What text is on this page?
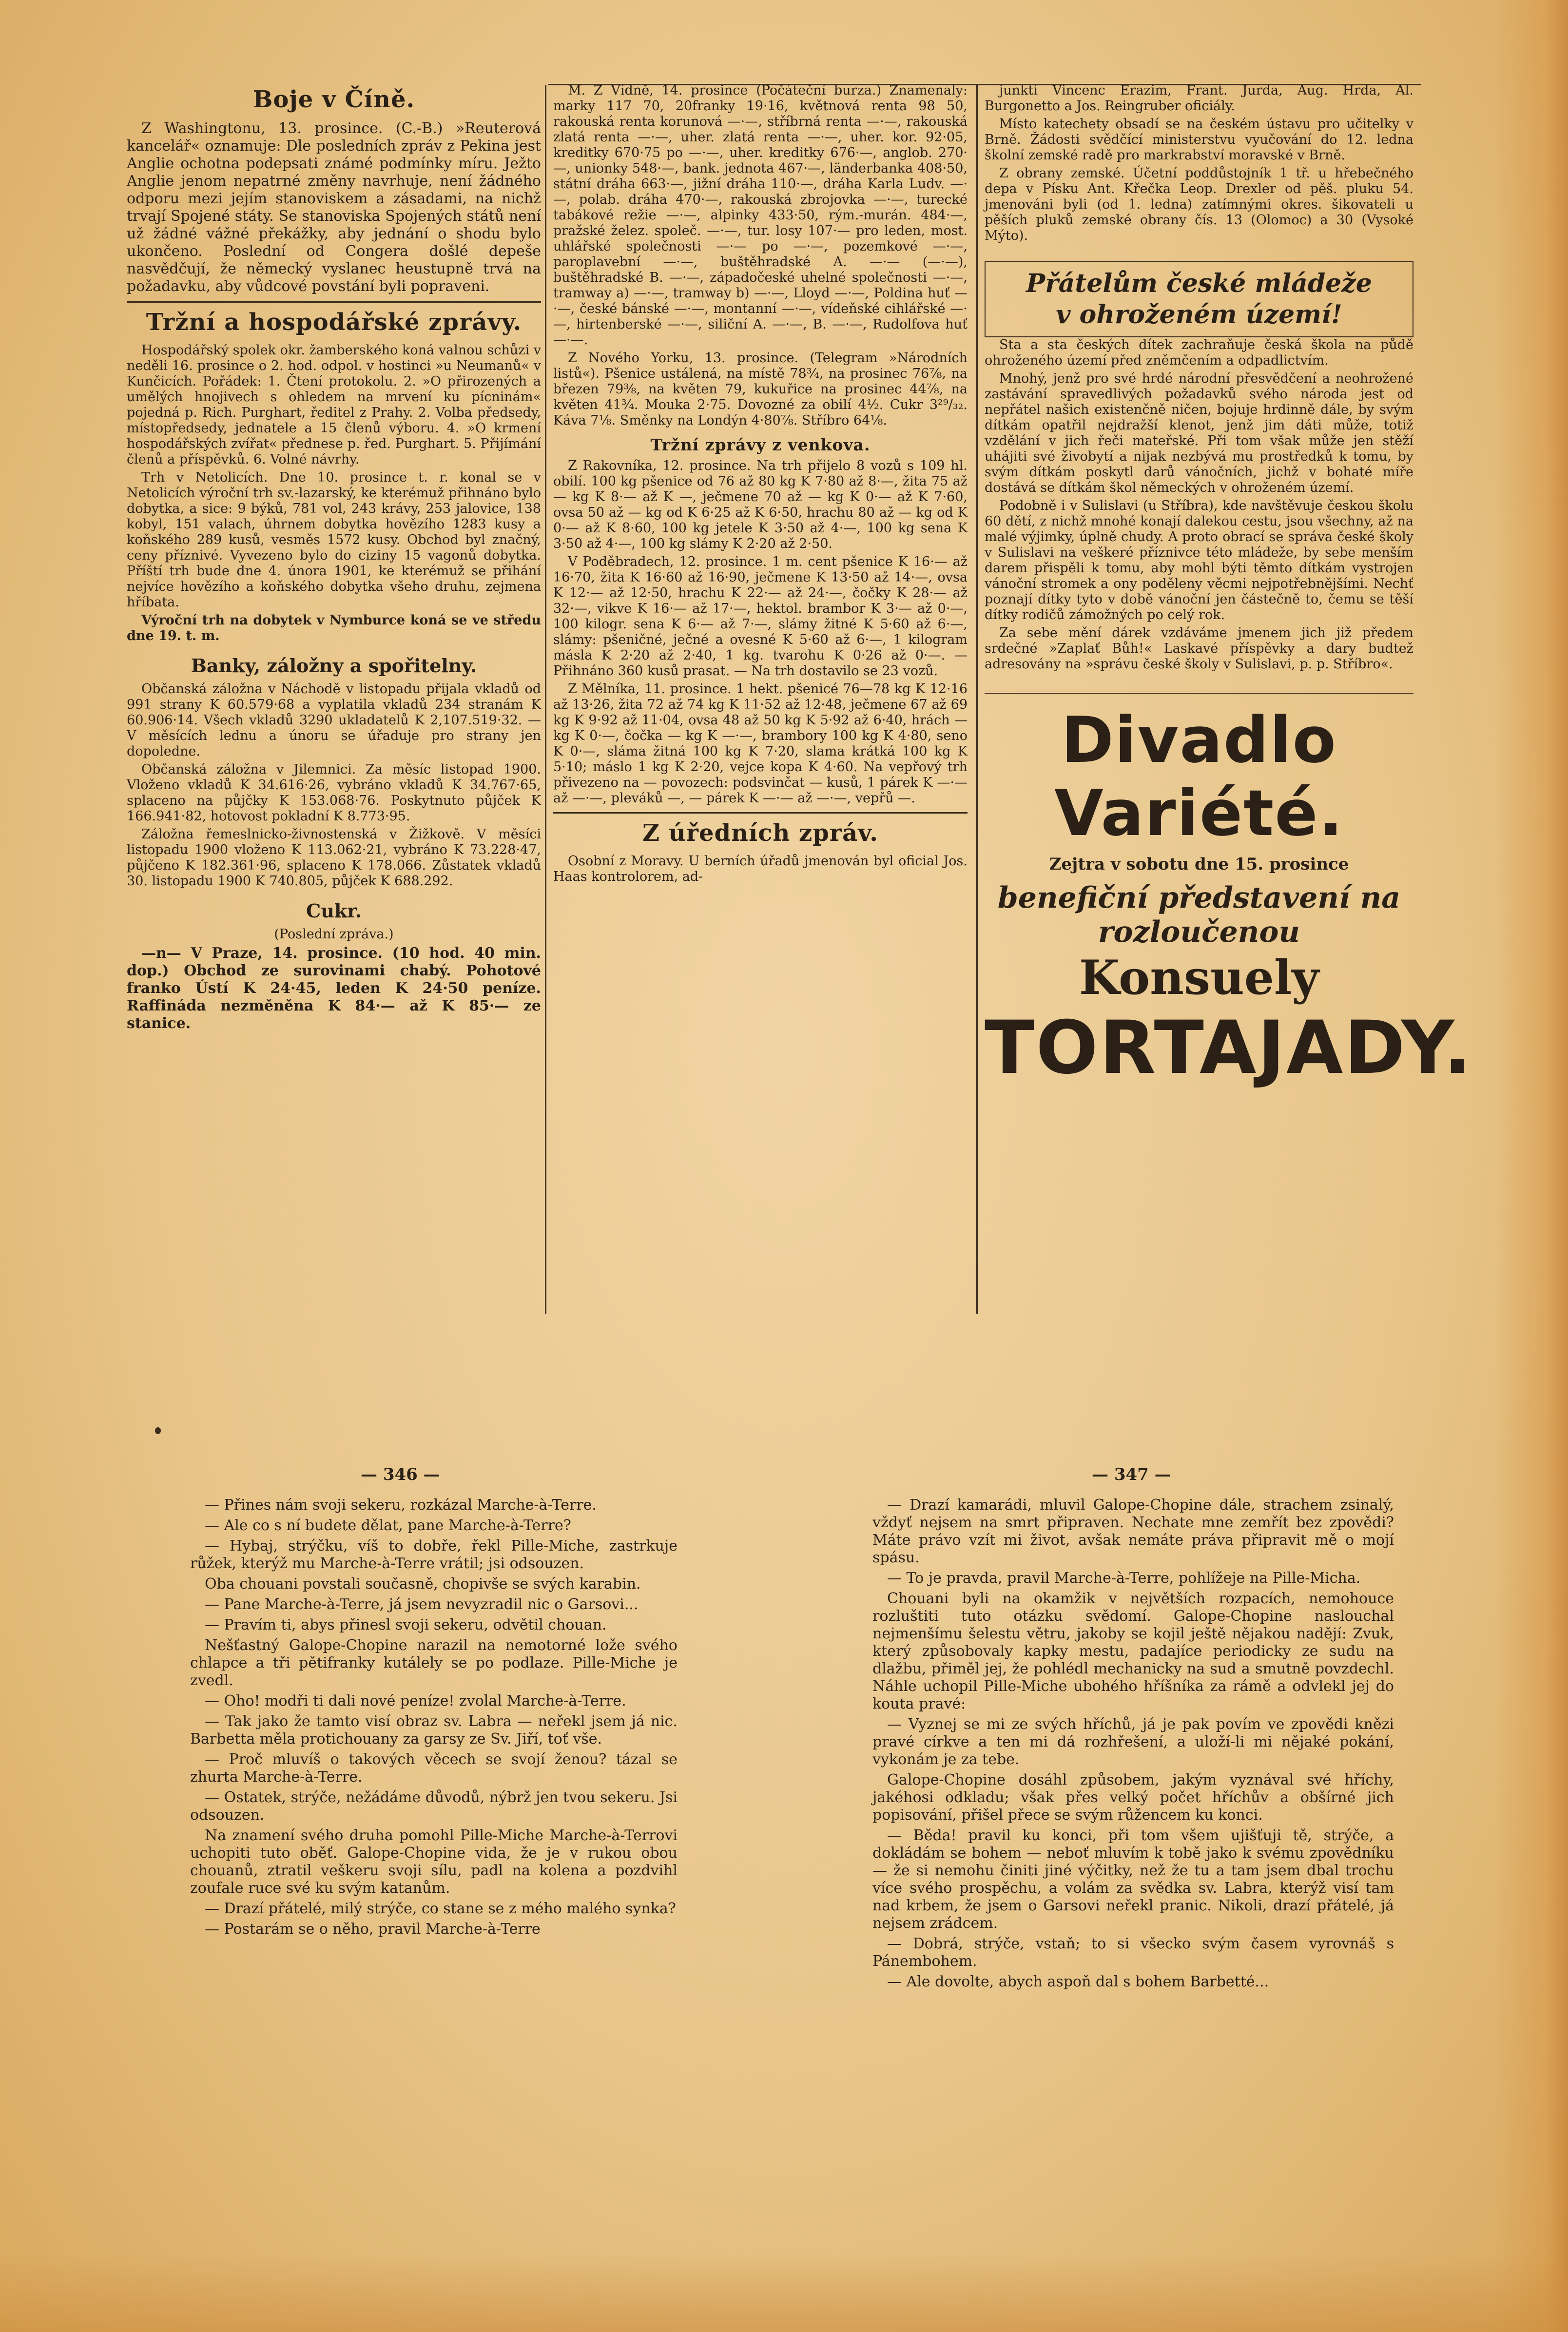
Boje v Číně.

Z Washingtonu, 13. prosince. (C.-B.) »Reuterová kancelář« oznamuje: Dle posledních zpráv z Pekina jest Anglie ochotna podepsati známé podmínky míru. Ježto Anglie jenom nepatrné změny navrhuje, není žádného odporu mezi jejím stanoviskem a zásadami, na nichž trvají Spojené státy. Se stanoviska Spojených států není už žádné vážné překážky, aby jednání o shodu bylo ukončeno. Poslední od Congera došlé depeše nasvědčují, že německý vyslanec heustupně trvá na požadavku, aby vůdcové povstání byli popraveni.

Tržní a hospodářské zprávy.

Hospodářský spolek okr. žamberského koná valnou schůzi v neděli 16. prosince o 2. hod. odpol. v hostinci »u Neumanů« v Kunčicích. Pořádek: 1. Čtení protokolu. 2. »O přirozených a umělých hnojivech s ohledem na mrvení ku pícninám« pojedná p. Rich. Purghart, ředitel z Prahy. 2. Volba předsedy, místopředsedy, jednatele a 15 členů výboru. 4. »O krmení hospodářských zvířat« přednese p. řed. Purghart. 5. Přijímání členů a příspěvků. 6. Volné návrhy.

Trh v Netolicích. Dne 10. prosince t. r. konal se v Netolicích výroční trh sv.-lazarský, ke kterémuž přihnáno bylo dobytka, a sice: 9 býků, 781 vol, 243 krávy, 253 jalovice, 138 kobyl, 151 valach, úhrnem dobytka hovězího 1283 kusy a koňského 289 kusů, vesměs 1572 kusy. Obchod byl značný, ceny příznivé. Vyvezeno bylo do ciziny 15 vagonů dobytka. Příští trh bude dne 4. února 1901, ke kterémuž se přihání nejvíce hovězího a koňského dobytka všeho druhu, zejmena hříbata.

Výroční trh na dobytek v Nymburce koná se ve středu dne 19. t. m.

Banky, záložny a spořitelny.

Občanská záložna v Náchodě v listopadu přijala vkladů od 991 strany K 60.579·68 a vyplatila vkladů 234 stranám K 60.906·14. Všech vkladů 3290 ukladatelů K 2,107.519·32. — V měsících lednu a únoru se úřaduje pro strany jen dopoledne.

Občanská záložna v Jilemnici. Za měsíc listopad 1900. Vloženo vkladů K 34.616·26, vybráno vkladů K 34.767·65, splaceno na půjčky K 153.068·76. Poskytnuto půjček K 166.941·82, hotovost pokladní K 8.773·95.

Záložna řemeslnicko-živnostenská v Žižkově. V měsíci listopadu 1900 vloženo K 113.062·21, vybráno K 73.228·47, půjčeno K 182.361·96, splaceno K 178.066. Zůstatek vkladů 30. listopadu 1900 K 740.805, půjček K 688.292.

Cukr.

(Poslední zpráva.)

—n— V Praze, 14. prosince. (10 hod. 40 min. dop.) Obchod ze surovinami chabý. Pohotové franko Ústí K 24·45, leden K 24·50 peníze. Raffináda nezměněna K 84·— až K 85·— ze stanice.

M. Z Vídně, 14. prosince (Počáteční burza.) Znamenaly: marky 117 70, 20franky 19·16, květnová renta 98 50, rakouská renta korunová —·—, stříbrná renta —·—, rakouská zlatá renta —·—, uher. zlatá renta —·—, uher. kor. 92·05, kreditky 670·75 po —·—, uher. kreditky 676·—, anglob. 270·—, unionky 548·—, bank. jednota 467·—, länderbanka 408·50, státní dráha 663·—, jižní dráha 110·—, dráha Karla Ludv. —·—, polab. dráha 470·—, rakouská zbrojovka —·—, turecké tabákové režie —·—, alpinky 433·50, rým.-murán. 484·—, pražské želez. společ. —·—, tur. losy 107·— pro leden, most. uhlářské společnosti —·— po —·—, pozemkové —·—, paroplavební —·—, buštěhradské A. —·— (—·—), buštěhradské B. —·—, západočeské uhelné společnosti —·—, tramway a) —·—, tramway b) —·—, Lloyd —·—, Poldina huť —·—, české bánské —·—, montanní —·—, vídeňské cihlářské —·—, hirtenberské —·—, siliční A. —·—, B. —·—, Rudolfova huť —·—.

Z Nového Yorku, 13. prosince. (Telegram »Národních listů«). Pšenice ustálená, na místě 78¾, na prosinec 76⅞, na březen 79⅜, na květen 79, kukuřice na prosinec 44⅞, na květen 41¾. Mouka 2·75. Dovozné za obilí 4½. Cukr 3²⁹/₃₂. Káva 7⅛. Směnky na Londýn 4·80⅞. Stříbro 64⅛.

Tržní zprávy z venkova.

Z Rakovníka, 12. prosince. Na trh přijelo 8 vozů s 109 hl. obilí. 100 kg pšenice od 76 až 80 kg K 7·80 až 8·—, žita 75 až — kg K 8·— až K —, ječmene 70 až — kg K 0·— až K 7·60, ovsa 50 až — kg od K 6·25 až K 6·50, hrachu 80 až — kg od K 0·— až K 8·60, 100 kg jetele K 3·50 až 4·—, 100 kg sena K 3·50 až 4·—, 100 kg slámy K 2·20 až 2·50.

V Poděbradech, 12. prosince. 1 m. cent pšenice K 16·— až 16·70, žita K 16·60 až 16·90, ječmene K 13·50 až 14·—, ovsa K 12·— až 12·50, hrachu K 22·— až 24·—, čočky K 28·— až 32·—, vikve K 16·— až 17·—, hektol. brambor K 3·— až 0·—, 100 kilogr. sena K 6·— až 7·—, slámy žitné K 5·60 až 6·—, slámy: pšeničné, ječné a ovesné K 5·60 až 6·—, 1 kilogram másla K 2·20 až 2·40, 1 kg. tvarohu K 0·26 až 0·—. — Přihnáno 360 kusů prasat. — Na trh dostavilo se 23 vozů.

Z Mělníka, 11. prosince. 1 hekt. pšenicé 76—78 kg K 12·16 až 13·26, žita 72 až 74 kg K 11·52 až 12·48, ječmene 67 až 69 kg K 9·92 až 11·04, ovsa 48 až 50 kg K 5·92 až 6·40, hrách — kg K 0·—, čočka — kg K —·—, brambory 100 kg K 4·80, seno K 0·—, sláma žitná 100 kg K 7·20, slama krátká 100 kg K 5·10; máslo 1 kg K 2·20, vejce kopa K 4·60. Na vepřový trh přivezeno na — povozech: podsvinčat — kusů, 1 párek K —·— až —·—, pleváků —, — párek K —·— až —·—, vepřů —.

Z úředních zpráv.

Osobní z Moravy. U berních úřadů jmenován byl oficial Jos. Haas kontrolorem, ad-

junkti Vincenc Erazim, Frant. Jurda, Aug. Hrda, Al. Burgonetto a Jos. Reingruber oficiály.

Místo katechety obsadí se na českém ústavu pro učitelky v Brně. Žádosti svědčící ministerstvu vyučování do 12. ledna školní zemské radě pro markrabství moravské v Brně.

Z obrany zemské. Účetní poddůstojník 1 tř. u hřebečného depa v Písku Ant. Křečka Leop. Drexler od pěš. pluku 54. jmenováni byli (od 1. ledna) zatímnými okres. šikovateli u pěších pluků zemské obrany čís. 13 (Olomoc) a 30 (Vysoké Mýto).

Přátelům české mládeže
v ohroženém území!

Sta a sta českých dítek zachraňuje česká škola na půdě ohroženého území před zněmčením a odpadlictvím.

Mnohý, jenž pro své hrdé národní přesvědčení a neohrožené zastávání spravedlivých požadavků svého národa jest od nepřátel našich existenčně ničen, bojuje hrdinně dále, by svým dítkám opatřil nejdražší klenot, jenž jim dáti může, totiž vzdělání v jich řeči mateřské. Při tom však může jen stěží uhájiti své živobytí a nijak nezbývá mu prostředků k tomu, by svým dítkám poskytl darů vánočních, jichž v bohaté míře dostává se dítkám škol německých v ohroženém území.

Podobně i v Sulislavi (u Stříbra), kde navštěvuje českou školu 60 dětí, z nichž mnohé konají dalekou cestu, jsou všechny, až na malé výjimky, úplně chudy. A proto obrací se správa české školy v Sulislavi na veškeré příznivce této mládeže, by sebe menším darem přispěli k tomu, aby mohl býti těmto dítkám vystrojen vánoční stromek a ony poděleny věcmi nejpotřebnějšími. Nechť poznají dítky tyto v době vánoční jen částečně to, čemu se těší dítky rodičů zámožných po celý rok.

Za sebe mění dárek vzdáváme jmenem jich již předem srdečné »Zaplať Bůh!« Laskavé příspěvky a dary budtež adresovány na »správu české školy v Sulislavi, p. p. Stříbro«.

Divadlo Variété.
Zejtra v sobotu dne 15. prosince
benefiční představení na rozloučenou
Konsuely
TORTAJADY.
— 346 —	— 347 —

— Přines nám svoji sekeru, rozkázal Marche-à-Terre.

— Ale co s ní budete dělat, pane Marche-à-Terre?

— Hybaj, strýčku, víš to dobře, řekl Pille-Miche, zastrkuje růžek, kterýž mu Marche-à-Terre vrátil; jsi odsouzen.

Oba chouani povstali současně, chopivše se svých karabin.

— Pane Marche-à-Terre, já jsem nevyzradil nic o Garsovi...

— Pravím ti, abys přinesl svoji sekeru, odvětil chouan.

Nešťastný Galope-Chopine narazil na nemotorné lože svého chlapce a tři pětifranky kutálely se po podlaze. Pille-Miche je zvedl.

— Oho! modři ti dali nové peníze! zvolal Marche-à-Terre.

— Tak jako že tamto visí obraz sv. Labra — neřekl jsem já nic. Barbetta měla protichouany za garsy ze Sv. Jiří, toť vše.

— Proč mluvíš o takových věcech se svojí ženou? tázal se zhurta Marche-à-Terre.

— Ostatek, strýče, nežádáme důvodů, nýbrž jen tvou sekeru. Jsi odsouzen.

Na znamení svého druha pomohl Pille-Miche Marche-à-Terrovi uchopiti tuto oběť. Galope-Chopine vida, že je v rukou obou chouanů, ztratil veškeru svoji sílu, padl na kolena a pozdvihl zoufale ruce své ku svým katanům.

— Drazí přátelé, milý strýče, co stane se z mého malého synka?

— Postarám se o něho, pravil Marche-à-Terre

— Drazí kamarádi, mluvil Galope-Chopine dále, strachem zsinalý, vždyť nejsem na smrt připraven. Nechate mne zemřít bez zpovědi? Máte právo vzít mi život, avšak nemáte práva připravit mě o mojí spásu.

— To je pravda, pravil Marche-à-Terre, pohlížeje na Pille-Micha.

Chouani byli na okamžik v největších rozpacích, nemohouce rozluštiti tuto otázku svědomí. Galope-Chopine naslouchal nejmenšímu šelestu větru, jakoby se kojil ještě nějakou nadějí: Zvuk, který způsobovaly kapky mestu, padajíce periodicky ze sudu na dlažbu, přiměl jej, že pohlédl mechanicky na sud a smutně povzdechl. Náhle uchopil Pille-Miche ubohého hříšníka za rámě a odvlekl jej do kouta pravé:

— Vyznej se mi ze svých hříchů, já je pak povím ve zpovědi knězi pravé církve a ten mi dá rozhřešení, a uloží-li mi nějaké pokání, vykonám je za tebe.

Galope-Chopine dosáhl způsobem, jakým vyznával své hříchy, jakéhosi odkladu; však přes velký počet hříchův a obšírné jich popisování, přišel přece se svým růžencem ku konci.

— Běda! pravil ku konci, při tom všem ujišťuji tě, strýče, a dokládám se bohem — neboť mluvím k tobě jako k svému zpovědníku — že si nemohu činiti jiné výčitky, než že tu a tam jsem dbal trochu více svého prospěchu, a volám za svědka sv. Labra, kterýž visí tam nad krbem, že jsem o Garsovi neřekl pranic. Nikoli, drazí přátelé, já nejsem zrádcem.

— Dobrá, strýče, vstaň; to si všecko svým časem vyrovnáš s Pánembohem.

— Ale dovolte, abych aspoň dal s bohem Barbetté...
